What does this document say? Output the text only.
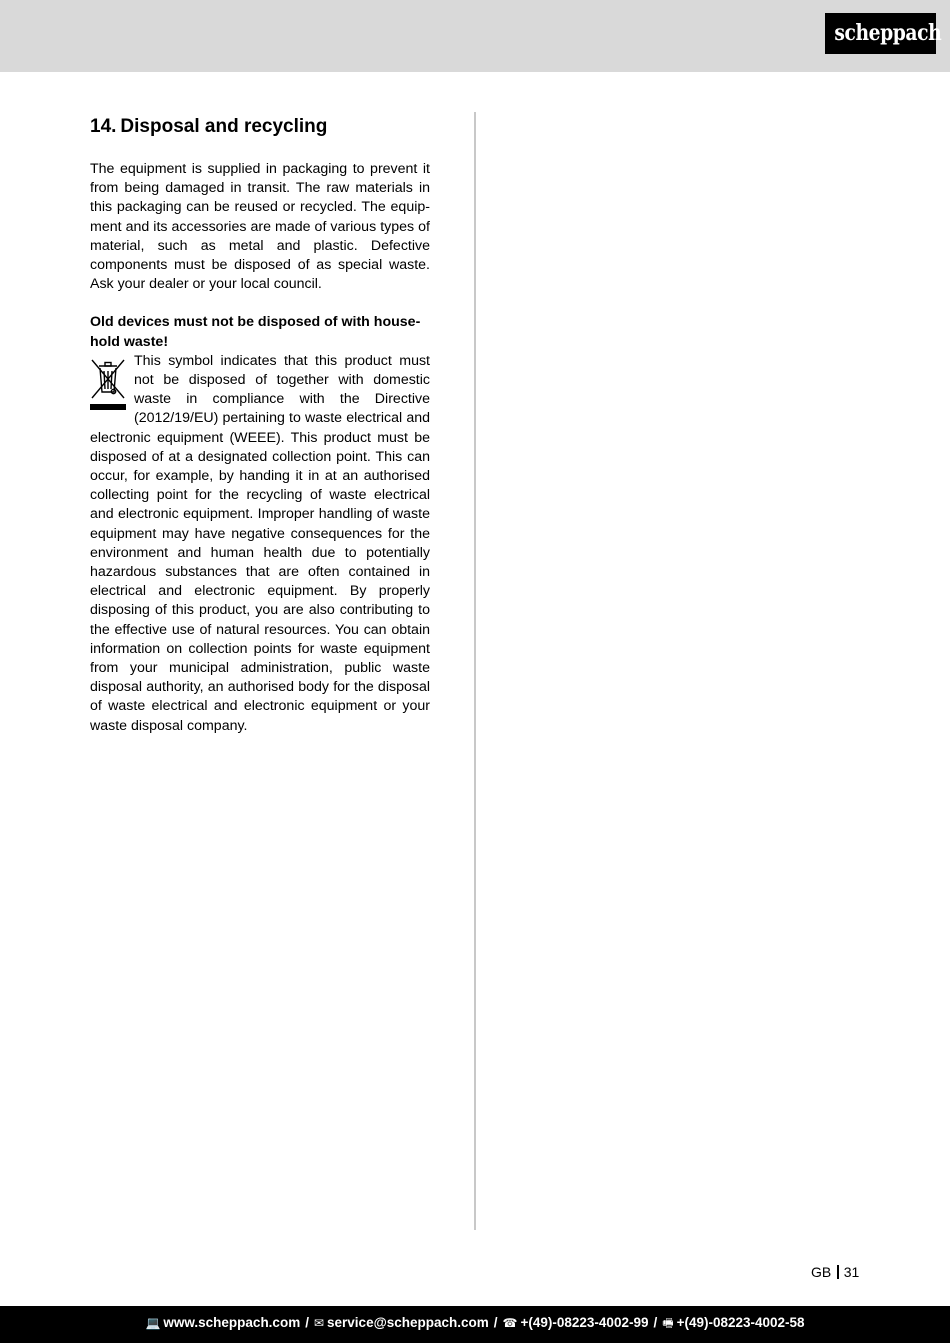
scheppach
14. Disposal and recycling

The equipment is supplied in packaging to prevent it from being damaged in transit. The raw materials in this packaging can be reused or recycled. The equipment and its accessories are made of various types of material, such as metal and plastic. Defective components must be disposed of as special waste. Ask your dealer or your local council.

Old devices must not be disposed of with household waste!

This symbol indicates that this product must not be disposed of together with domestic waste in compliance with the Directive (2012/19/EU) pertaining to waste electrical and electronic equipment (WEEE). This product must be disposed of at a designated collection point. This can occur, for example, by handing it in at an authorised collecting point for the recycling of waste electrical and electronic equipment. Improper handling of waste equipment may have negative consequences for the environment and human health due to potentially hazardous substances that are often contained in electrical and electronic equipment. By properly disposing of this product, you are also contributing to the effective use of natural resources. You can obtain information on collection points for waste equipment from your municipal administration, public waste disposal authority, an authorised body for the disposal of waste electrical and electronic equipment or your waste disposal company.

GB 31
💻 www.scheppach.com / ✉ service@scheppach.com / ☎ +(49)-08223-4002-99 / 🖷 +(49)-08223-4002-58
